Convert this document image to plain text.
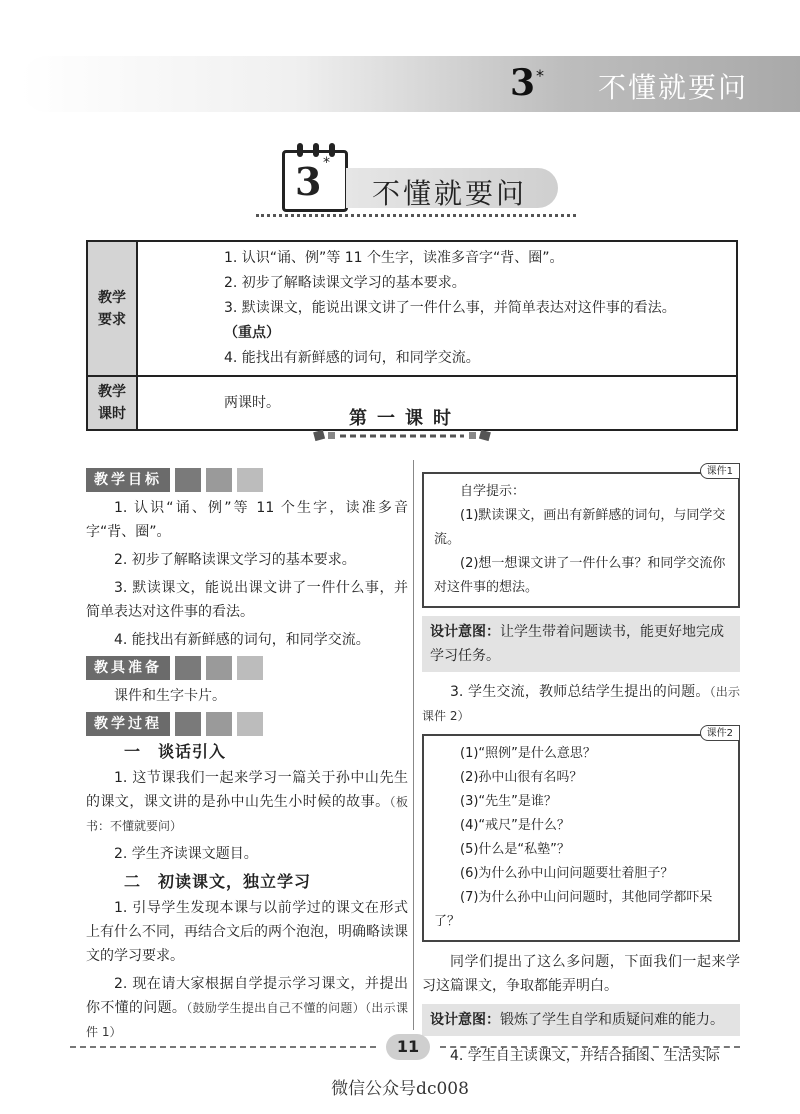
3 * 不懂就要问
3 *
不懂就要问
教学要求	1. 认识“诵、例”等 11 个生字，读准多音字“背、圈”。
2. 初步了解略读课文学习的基本要求。
3. 默读课文，能说出课文讲了一件什么事，并简单表达对这件事的看法。（重点）
4. 能找出有新鲜感的词句，和同学交流。

教学课时	两课时。
第一课时
教学目标

1. 认识“诵、例”等 11 个生字，读准多音字“背、圈”。

2. 初步了解略读课文学习的基本要求。

3. 默读课文，能说出课文讲了一件什么事，并简单表达对这件事的看法。

4. 能找出有新鲜感的词句，和同学交流。

教具准备

课件和生字卡片。

教学过程

一　谈话引入

1. 这节课我们一起来学习一篇关于孙中山先生的课文，课文讲的是孙中山先生小时候的故事。（板书：不懂就要问）

2. 学生齐读课文题目。

二　初读课文，独立学习

1. 引导学生发现本课与以前学过的课文在形式上有什么不同，再结合文后的两个泡泡，明确略读课文的学习要求。

2. 现在请大家根据自学提示学习课文，并提出你不懂的问题。（鼓励学生提出自己不懂的问题）（出示课件 1）

课件1

自学提示：

(1)默读课文，画出有新鲜感的词句，与同学交流。

(2)想一想课文讲了一件什么事？和同学交流你对这件事的想法。

设计意图：让学生带着问题读书，能更好地完成学习任务。

3. 学生交流，教师总结学生提出的问题。（出示课件 2）

课件2

(1)“照例”是什么意思？

(2)孙中山很有名吗？

(3)“先生”是谁？

(4)“戒尺”是什么？

(5)什么是“私塾”？

(6)为什么孙中山问问题要壮着胆子？

(7)为什么孙中山问问题时，其他同学都吓呆了？

同学们提出了这么多问题，下面我们一起来学习这篇课文，争取都能弄明白。

设计意图：锻炼了学生自学和质疑问难的能力。

4. 学生自主读课文，并结合插图、生活实际

11
微信公众号dc008
